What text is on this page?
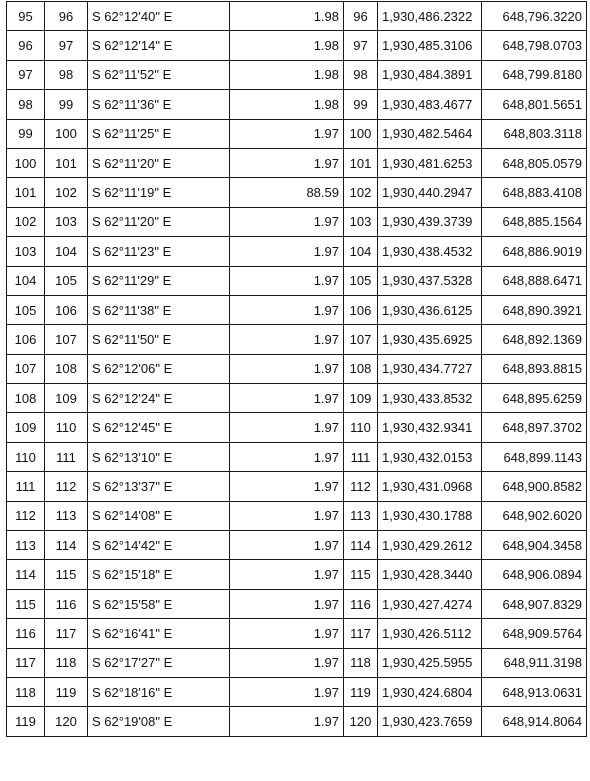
95	96	S 62°12'40" E	1.98	96	1,930,486.2322	648,796.3220
96	97	S 62°12'14" E	1.98	97	1,930,485.3106	648,798.0703
97	98	S 62°11'52" E	1.98	98	1,930,484.3891	648,799.8180
98	99	S 62°11'36" E	1.98	99	1,930,483.4677	648,801.5651
99	100	S 62°11'25" E	1.97	100	1,930,482.5464	648,803.3118
100	101	S 62°11'20" E	1.97	101	1,930,481.6253	648,805.0579
101	102	S 62°11'19" E	88.59	102	1,930,440.2947	648,883.4108
102	103	S 62°11'20" E	1.97	103	1,930,439.3739	648,885.1564
103	104	S 62°11'23" E	1.97	104	1,930,438.4532	648,886.9019
104	105	S 62°11'29" E	1.97	105	1,930,437.5328	648,888.6471
105	106	S 62°11'38" E	1.97	106	1,930,436.6125	648,890.3921
106	107	S 62°11'50" E	1.97	107	1,930,435.6925	648,892.1369
107	108	S 62°12'06" E	1.97	108	1,930,434.7727	648,893.8815
108	109	S 62°12'24" E	1.97	109	1,930,433.8532	648,895.6259
109	110	S 62°12'45" E	1.97	110	1,930,432.9341	648,897.3702
110	111	S 62°13'10" E	1.97	111	1,930,432.0153	648,899.1143
111	112	S 62°13'37" E	1.97	112	1,930,431.0968	648,900.8582
112	113	S 62°14'08" E	1.97	113	1,930,430.1788	648,902.6020
113	114	S 62°14'42" E	1.97	114	1,930,429.2612	648,904.3458
114	115	S 62°15'18" E	1.97	115	1,930,428.3440	648,906.0894
115	116	S 62°15'58" E	1.97	116	1,930,427.4274	648,907.8329
116	117	S 62°16'41" E	1.97	117	1,930,426.5112	648,909.5764
117	118	S 62°17'27" E	1.97	118	1,930,425.5955	648,911.3198
118	119	S 62°18'16" E	1.97	119	1,930,424.6804	648,913.0631
119	120	S 62°19'08" E	1.97	120	1,930,423.7659	648,914.8064
